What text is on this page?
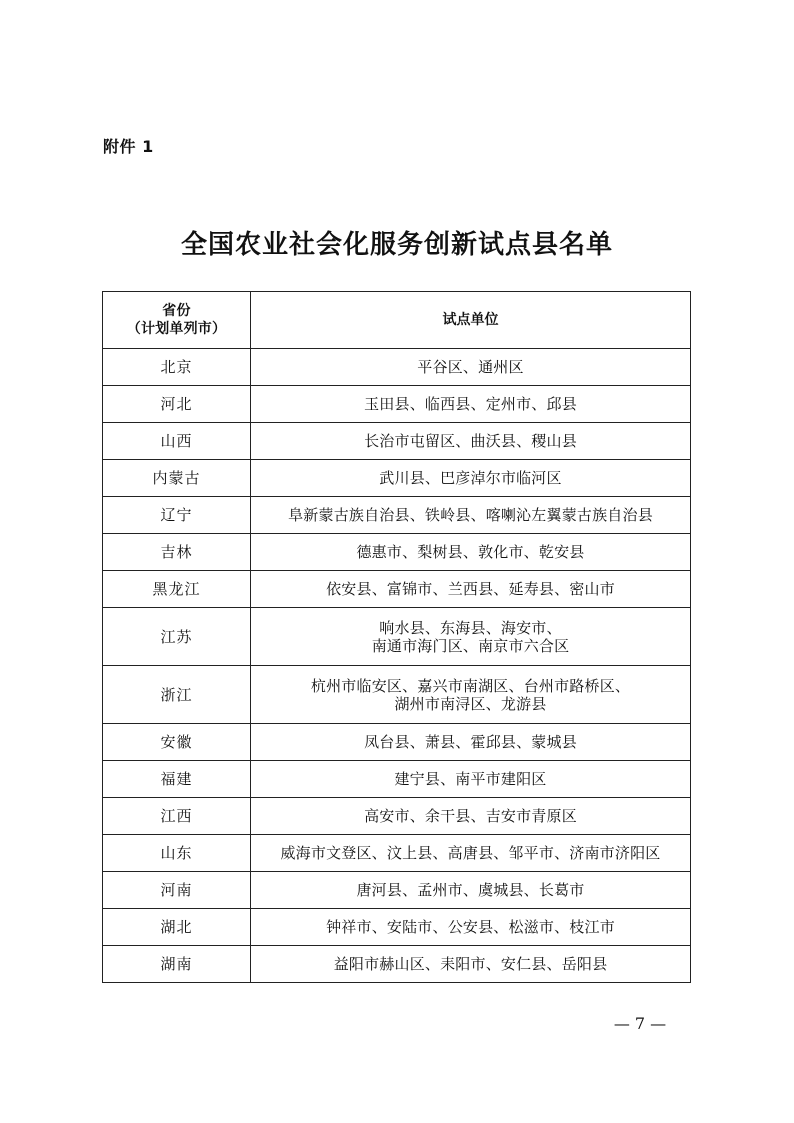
附件 1
全国农业社会化服务创新试点县名单
省份
（计划单列市）	试点单位
北京	平谷区、通州区
河北	玉田县、临西县、定州市、邱县
山西	长治市屯留区、曲沃县、稷山县
内蒙古	武川县、巴彦淖尔市临河区
辽宁	阜新蒙古族自治县、铁岭县、喀喇沁左翼蒙古族自治县
吉林	德惠市、梨树县、敦化市、乾安县
黑龙江	依安县、富锦市、兰西县、延寿县、密山市
江苏	响水县、东海县、海安市、
南通市海门区、南京市六合区
浙江	杭州市临安区、嘉兴市南湖区、台州市路桥区、
湖州市南浔区、龙游县
安徽	凤台县、萧县、霍邱县、蒙城县
福建	建宁县、南平市建阳区
江西	高安市、余干县、吉安市青原区
山东	威海市文登区、汶上县、高唐县、邹平市、济南市济阳区
河南	唐河县、孟州市、虞城县、长葛市
湖北	钟祥市、安陆市、公安县、松滋市、枝江市
湖南	益阳市赫山区、耒阳市、安仁县、岳阳县
— 7 —
